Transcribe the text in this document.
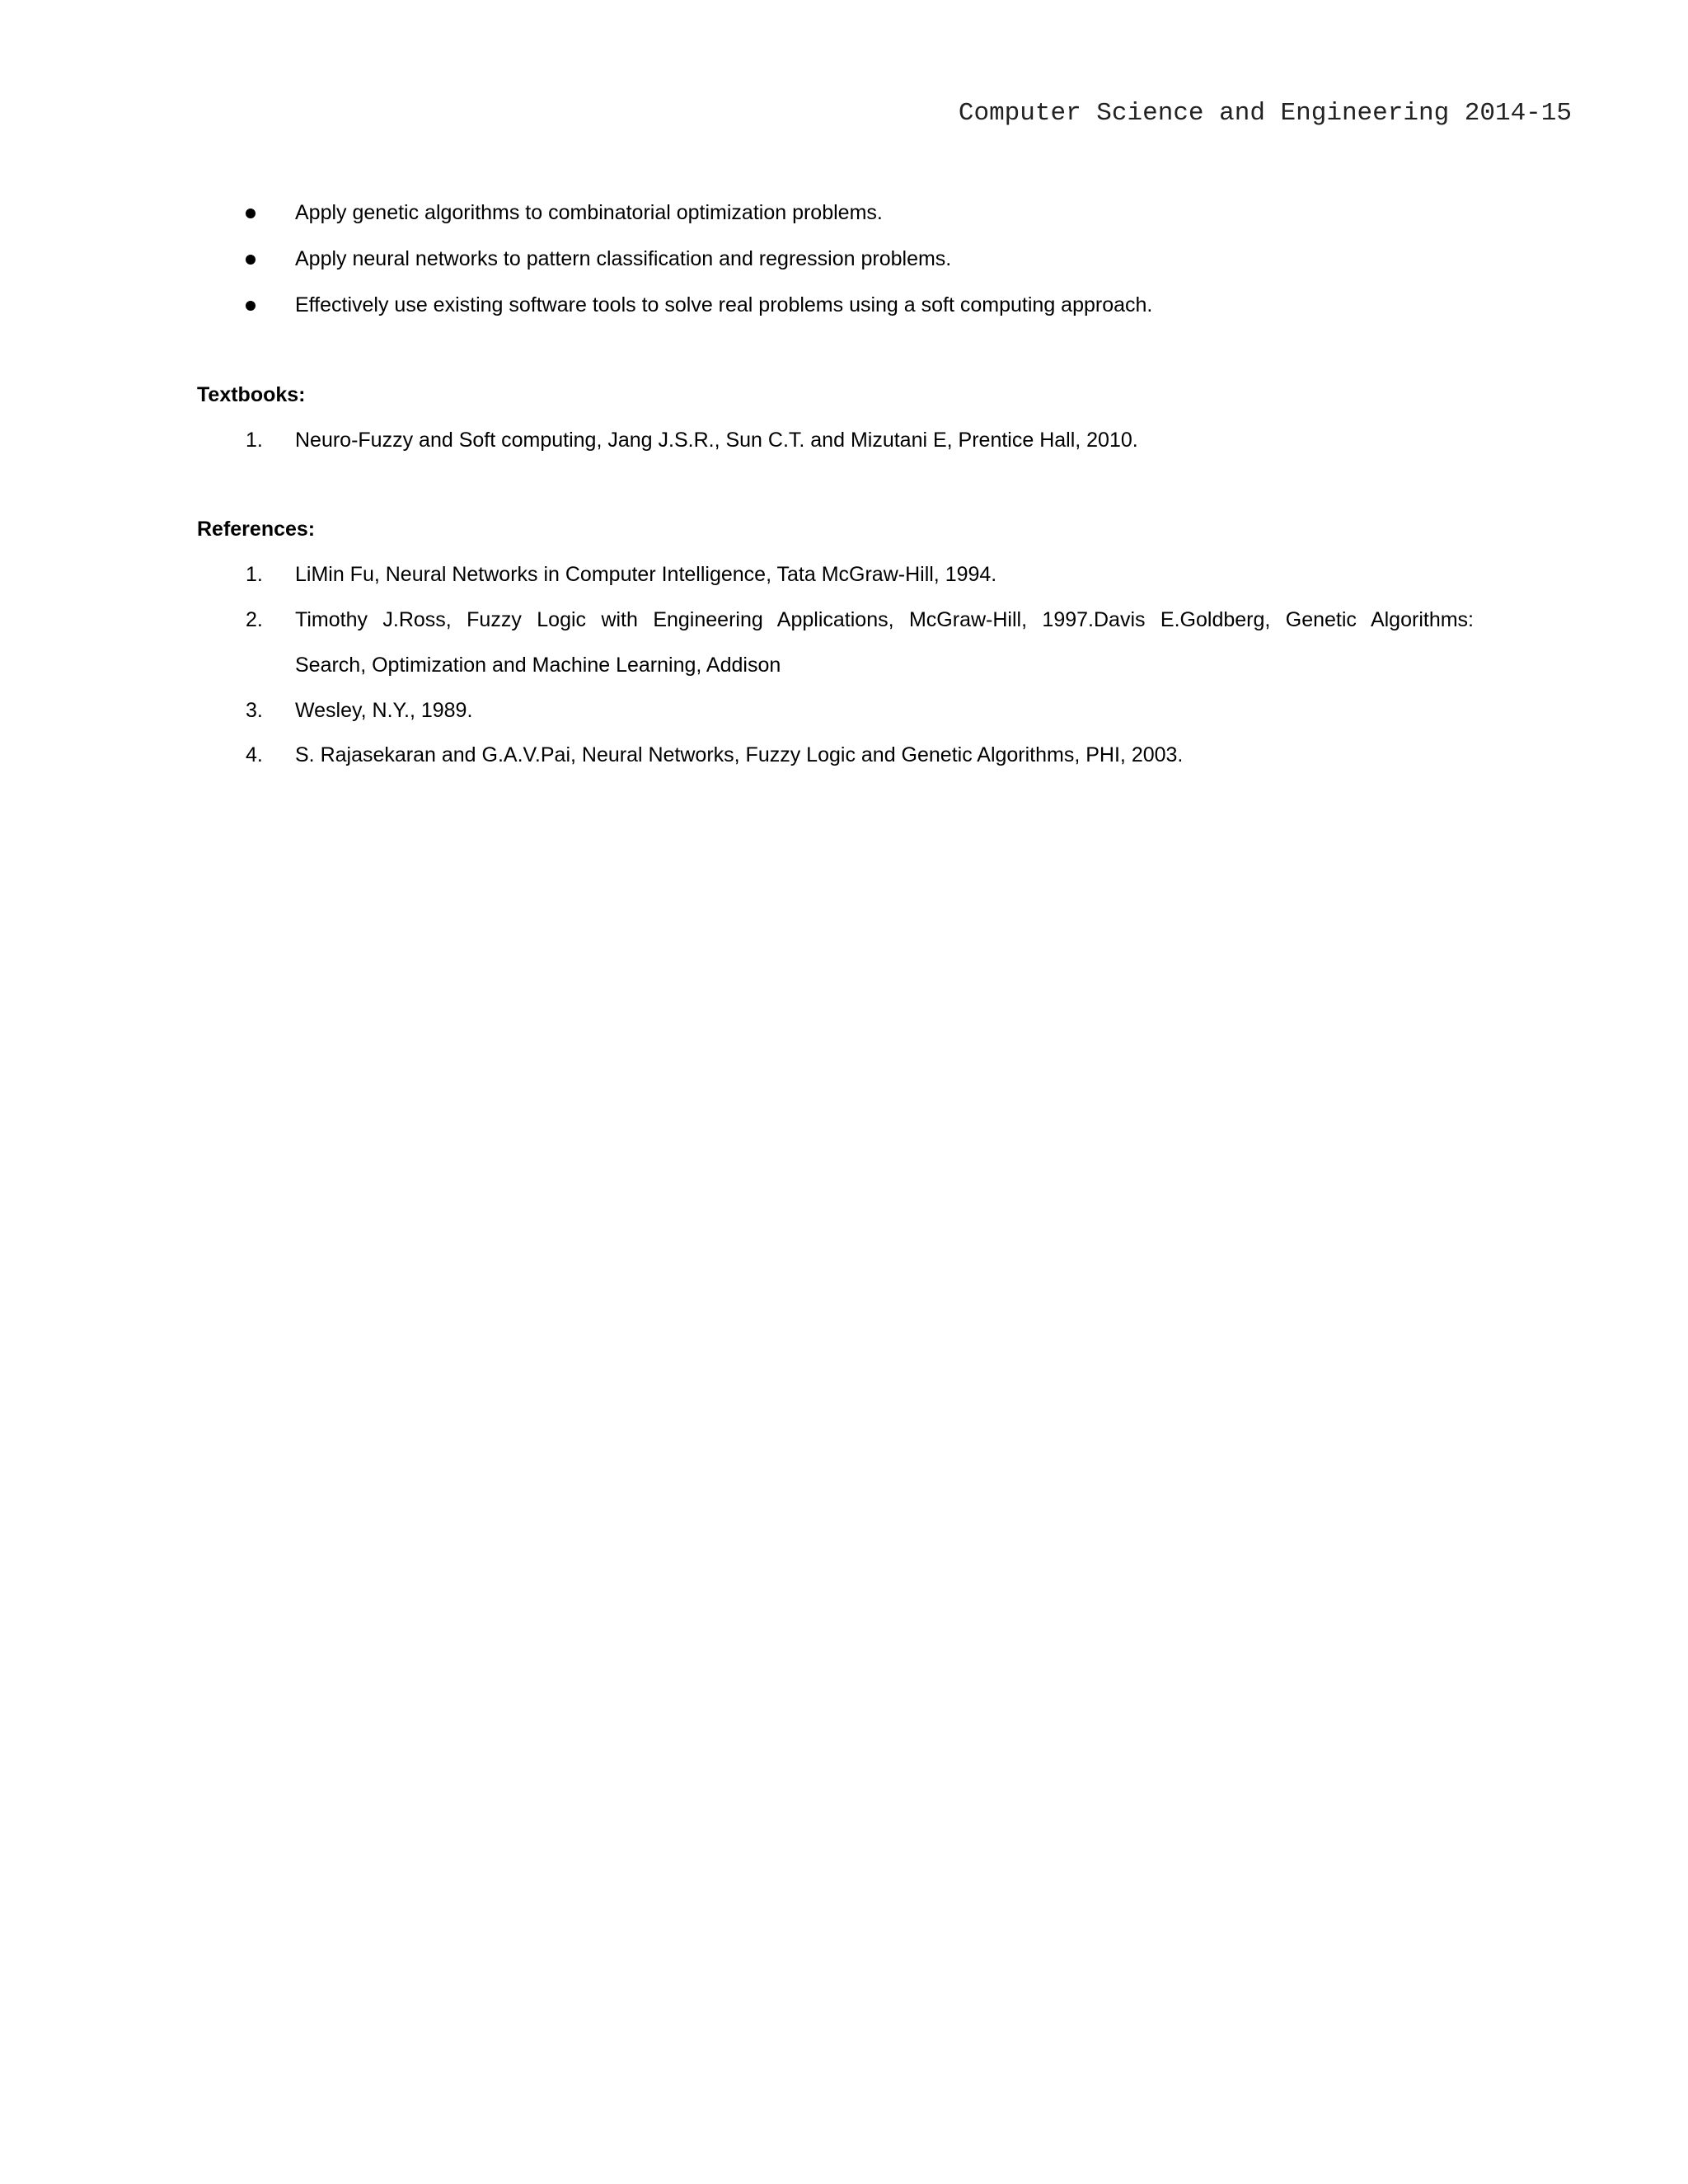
Computer Science and Engineering 2014-15
Apply genetic algorithms to combinatorial optimization problems.
Apply neural networks to pattern classification and regression problems.
Effectively use existing software tools to solve real problems using a soft computing approach.
Textbooks:
1. Neuro-Fuzzy and Soft computing, Jang J.S.R., Sun C.T. and Mizutani E, Prentice Hall, 2010.
References:
1. LiMin Fu, Neural Networks in Computer Intelligence, Tata McGraw-Hill, 1994.
2. Timothy J.Ross, Fuzzy Logic with Engineering Applications, McGraw-Hill, 1997.Davis E.Goldberg, Genetic Algorithms:
Search, Optimization and Machine Learning, Addison
3. Wesley, N.Y., 1989.
4. S. Rajasekaran and G.A.V.Pai, Neural Networks, Fuzzy Logic and Genetic Algorithms, PHI, 2003.
